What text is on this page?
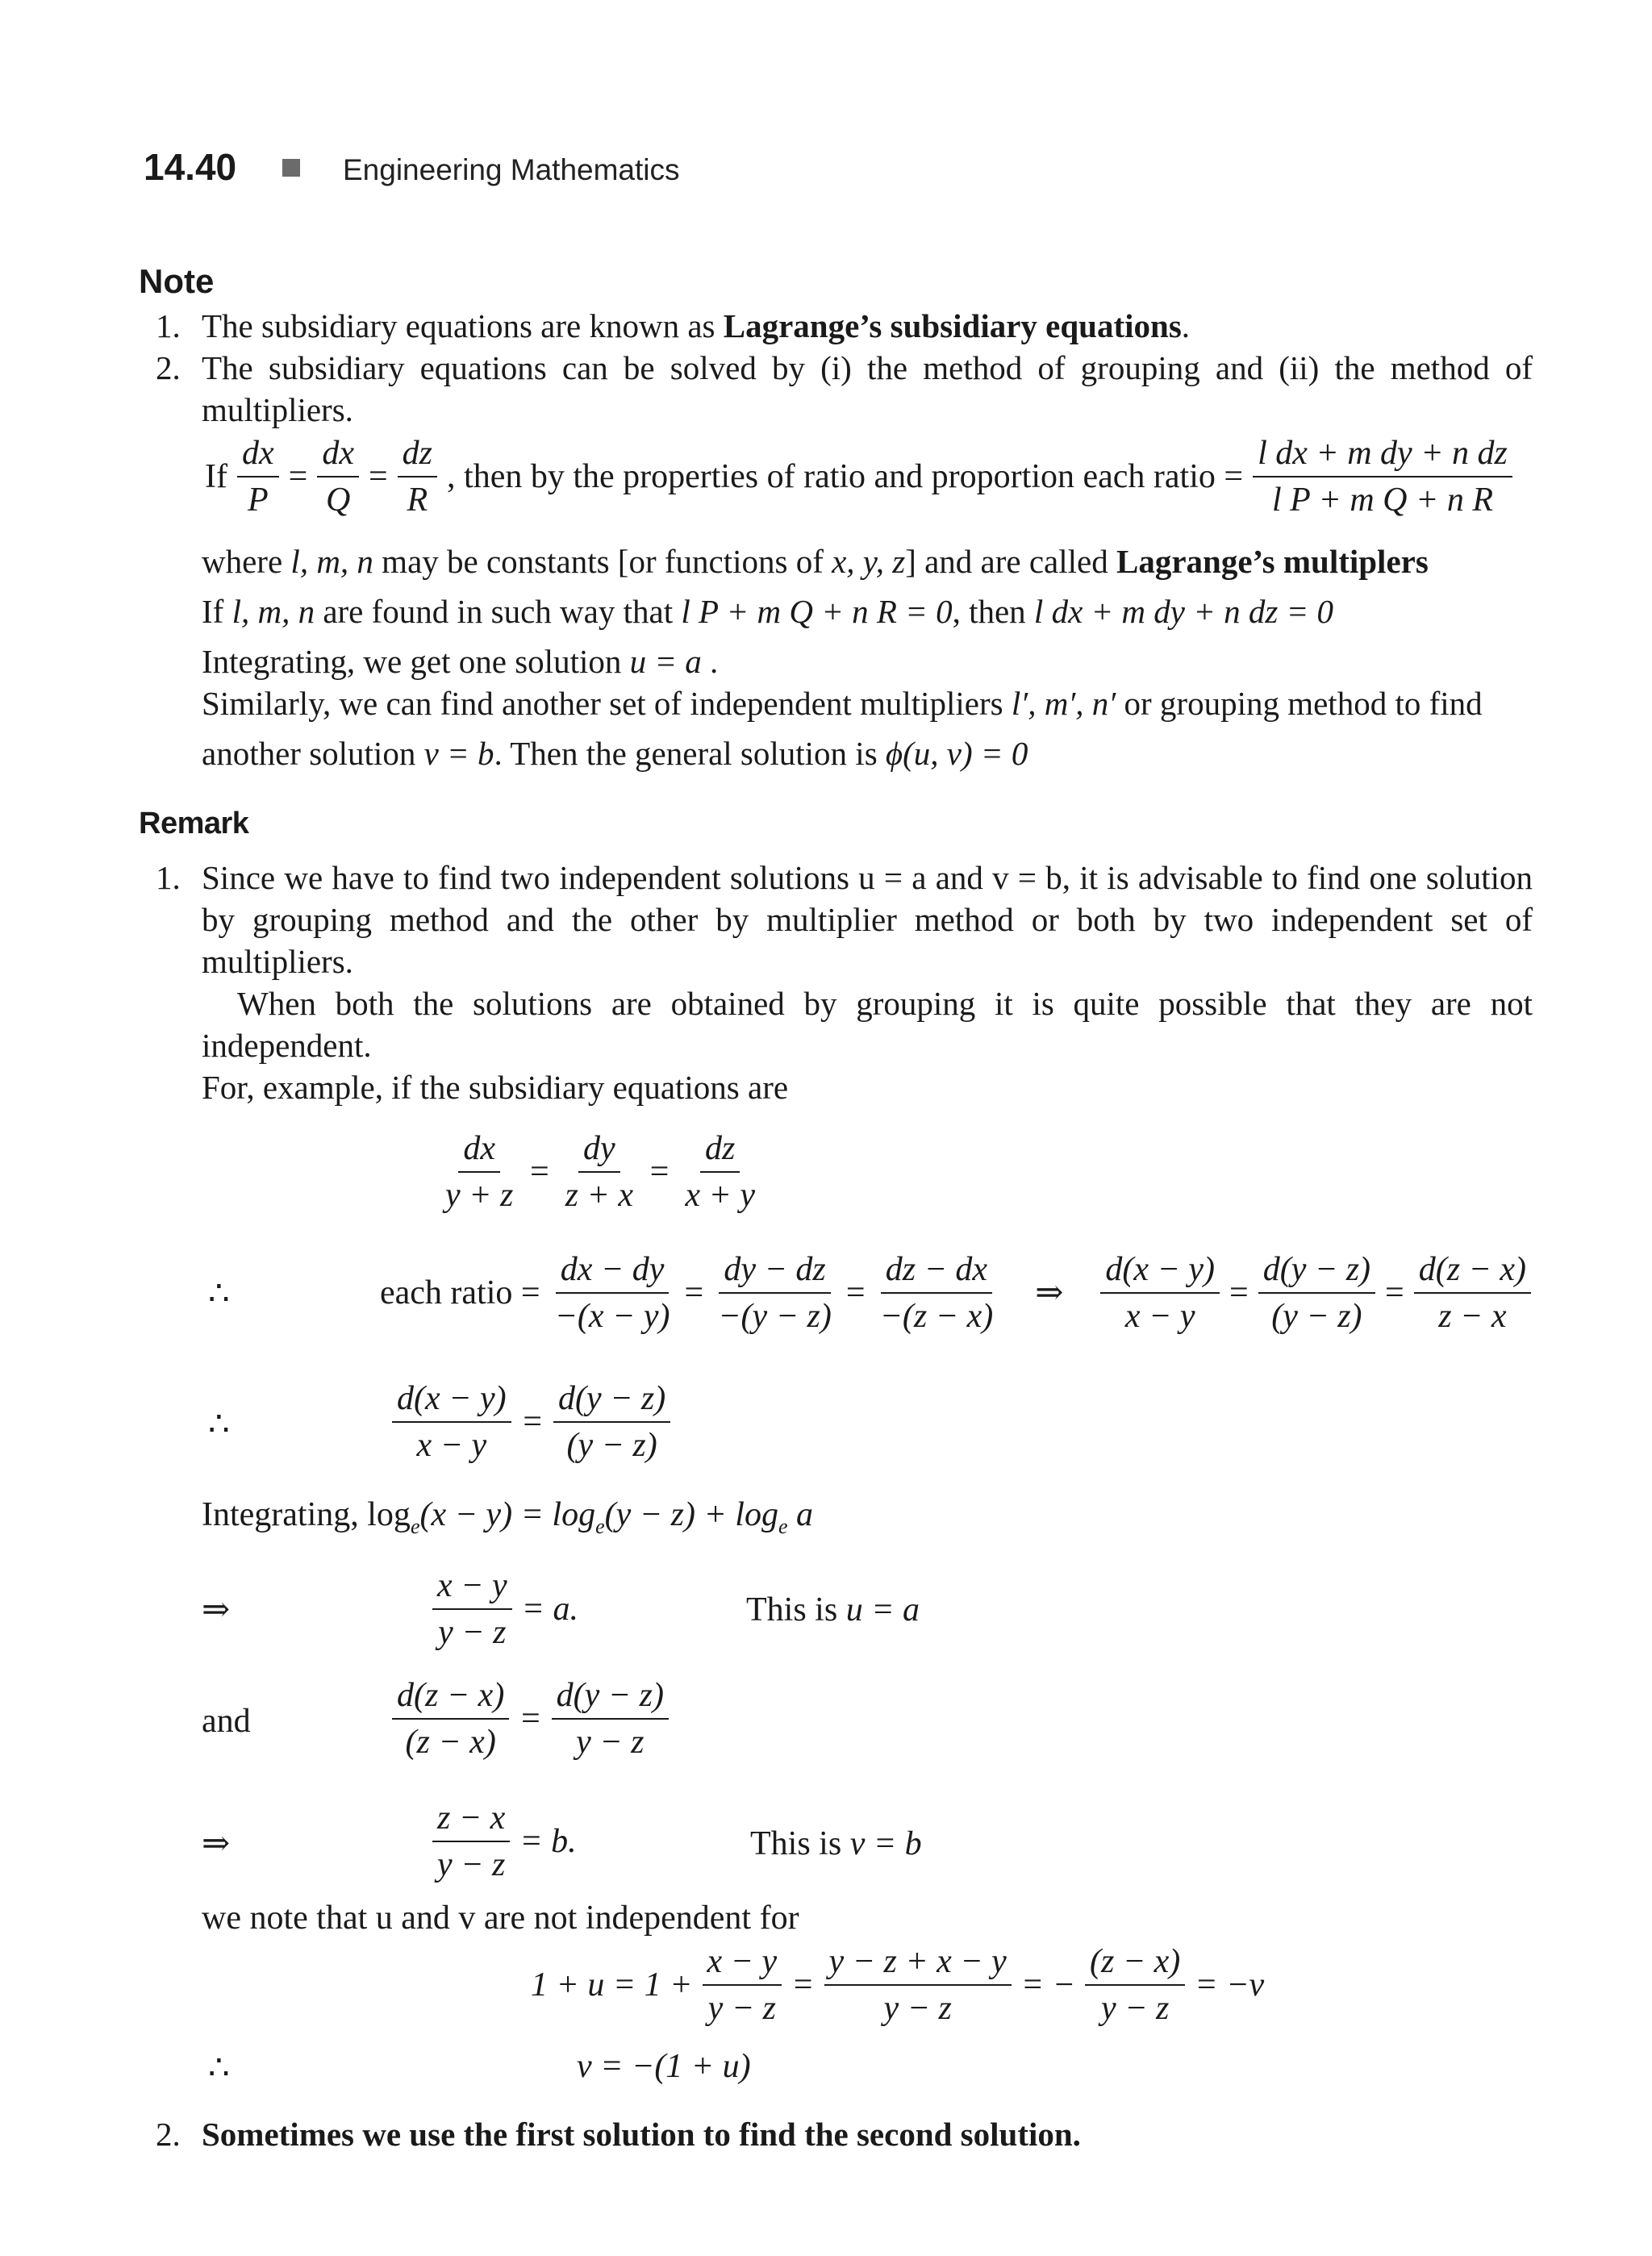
14.40	Engineering Mathematics
Note
1. The subsidiary equations are known as Lagrange’s subsidiary equations.
2. The subsidiary equations can be solved by (i) the method of grouping and (ii) the method of multipliers.
If $\frac{dx}{P} = \frac{dx}{Q} = \frac{dz}{R}$ , then by the properties of ratio and proportion each ratio = $\frac{\text{l dx + m dy + n dz}}{\text{l P + m Q + n R}}$
where l, m, n may be constants [or functions of x, y, z] and are called Lagrange’s multiplers
If l, m, n are found in such way that l P + m Q + n R = 0, then l dx + m dy + n dz = 0
Integrating, we get one solution u = a .
Similarly, we can find another set of independent multipliers l′, m′, n′ or grouping method to find
another solution v = b. Then the general solution is ϕ(u, v) = 0
Remark
1. Since we have to find two independent solutions u = a and v = b, it is advisable to find one solution by grouping method and the other by multiplier method or both by two independent set of multipliers.
When both the solutions are obtained by grouping it is quite possible that they are not independent.
For, example, if the subsidiary equations are
$\frac{dx}{y + z} = \frac{dy}{z + x} = \frac{dz}{x + y}$
∴	each ratio = $\frac{dx - dy}{-(x - y)} = \frac{dy - dz}{-(y - z)} = \frac{dz - dx}{-(z - x)}$ ⇒ $\frac{d(x - y)}{x - y} = \frac{d(y - z)}{(y - z)} = \frac{d(z - x)}{z - x}$
∴	$\frac{d(x - y)}{x - y} = \frac{d(y - z)}{(y - z)}$
Integrating, $\log_e(x - y) = \log_e(y - z) + \log_e a$
⇒	$\frac{x - y}{y - z} = a$.	This is u = a
and	$\frac{d(z - x)}{(z - x)} = \frac{d(y - z)}{y - z}$
⇒	$\frac{z - x}{y - z} = b$.	This is v = b
we note that u and v are not independent for
$1 + u = 1 + \frac{x - y}{y - z} = \frac{y - z + x - y}{y - z}$ = − $\frac{(z - x)}{y - z} = -v$
∴	v = −(1 + u)
2. Sometimes we use the first solution to find the second solution.
